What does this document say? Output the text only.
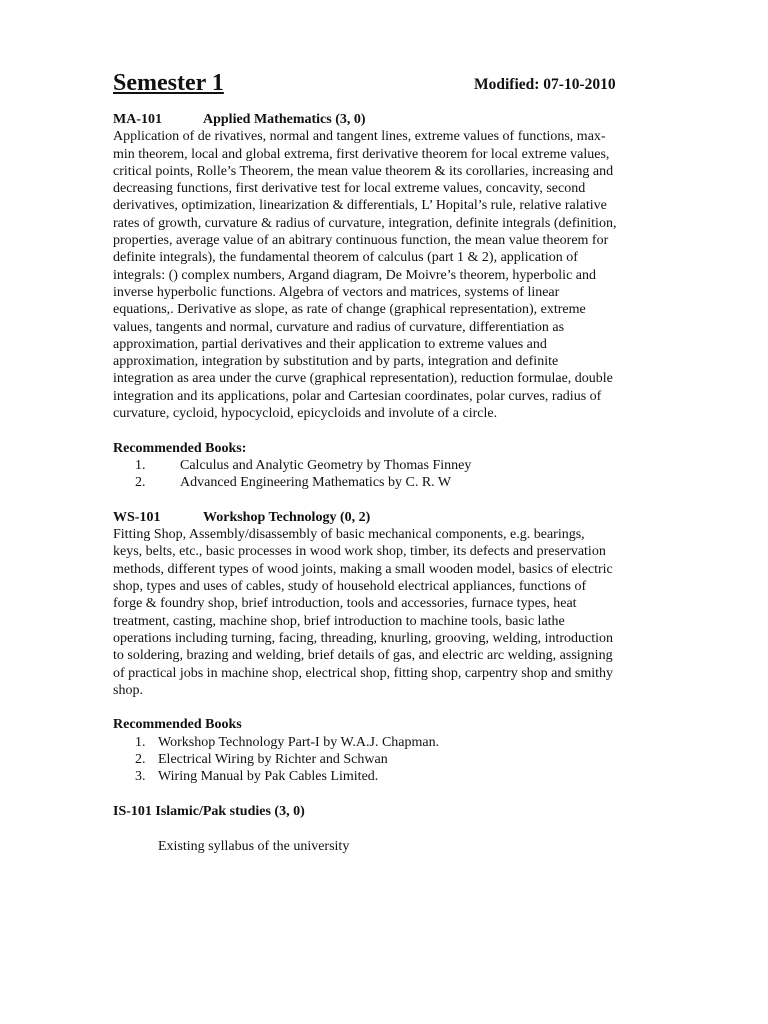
Semester 1	Modified: 07-10-2010
MA-101	Applied Mathematics (3, 0)
Application of de rivatives, normal and tangent lines, extreme values of functions, max-
min theorem, local and global extrema, first derivative theorem for local extreme values,
critical points, Rolle’s Theorem, the mean value theorem & its corollaries, increasing and
decreasing functions, first derivative test for local extreme values, concavity, second
derivatives, optimization, linearization & differentials, L’ Hopital’s rule, relative ralative
rates of growth, curvature & radius of curvature, integration, definite integrals (definition,
properties, average value of an abitrary continuous function, the mean value theorem for
definite integrals), the fundamental theorem of calculus (part 1 & 2), application of
integrals: () complex numbers, Argand diagram, De Moivre’s theorem, hyperbolic and
inverse hyperbolic functions. Algebra of vectors and matrices, systems of linear
equations,. Derivative as slope, as rate of change (graphical representation), extreme
values, tangents and normal, curvature and radius of curvature, differentiation as
approximation, partial derivatives and their application to extreme values and
approximation, integration by substitution and by parts, integration and definite
integration as area under the curve (graphical representation), reduction formulae, double
integration and its applications, polar and Cartesian coordinates, polar curves, radius of
curvature, cycloid, hypocycloid, epicycloids and involute of a circle.
Recommended Books:
1. Calculus and Analytic Geometry by Thomas Finney
2. Advanced Engineering Mathematics by C. R. W
WS-101	Workshop Technology (0, 2)
Fitting Shop, Assembly/disassembly of basic mechanical components, e.g. bearings,
keys, belts, etc., basic processes in wood work shop, timber, its defects and preservation
methods, different types of wood joints, making a small wooden model, basics of electric
shop, types and uses of cables, study of household electrical appliances, functions of
forge & foundry shop, brief introduction, tools and accessories, furnace types, heat
treatment, casting, machine shop, brief introduction to machine tools, basic lathe
operations including turning, facing, threading, knurling, grooving, welding, introduction
to soldering, brazing and welding, brief details of gas, and electric arc welding, assigning
of practical jobs in machine shop, electrical shop, fitting shop, carpentry shop and smithy
shop.
Recommended Books
1. Workshop Technology Part-I by W.A.J. Chapman.
2. Electrical Wiring by Richter and Schwan
3. Wiring Manual by Pak Cables Limited.
IS-101 Islamic/Pak studies (3, 0)
Existing syllabus of the university
